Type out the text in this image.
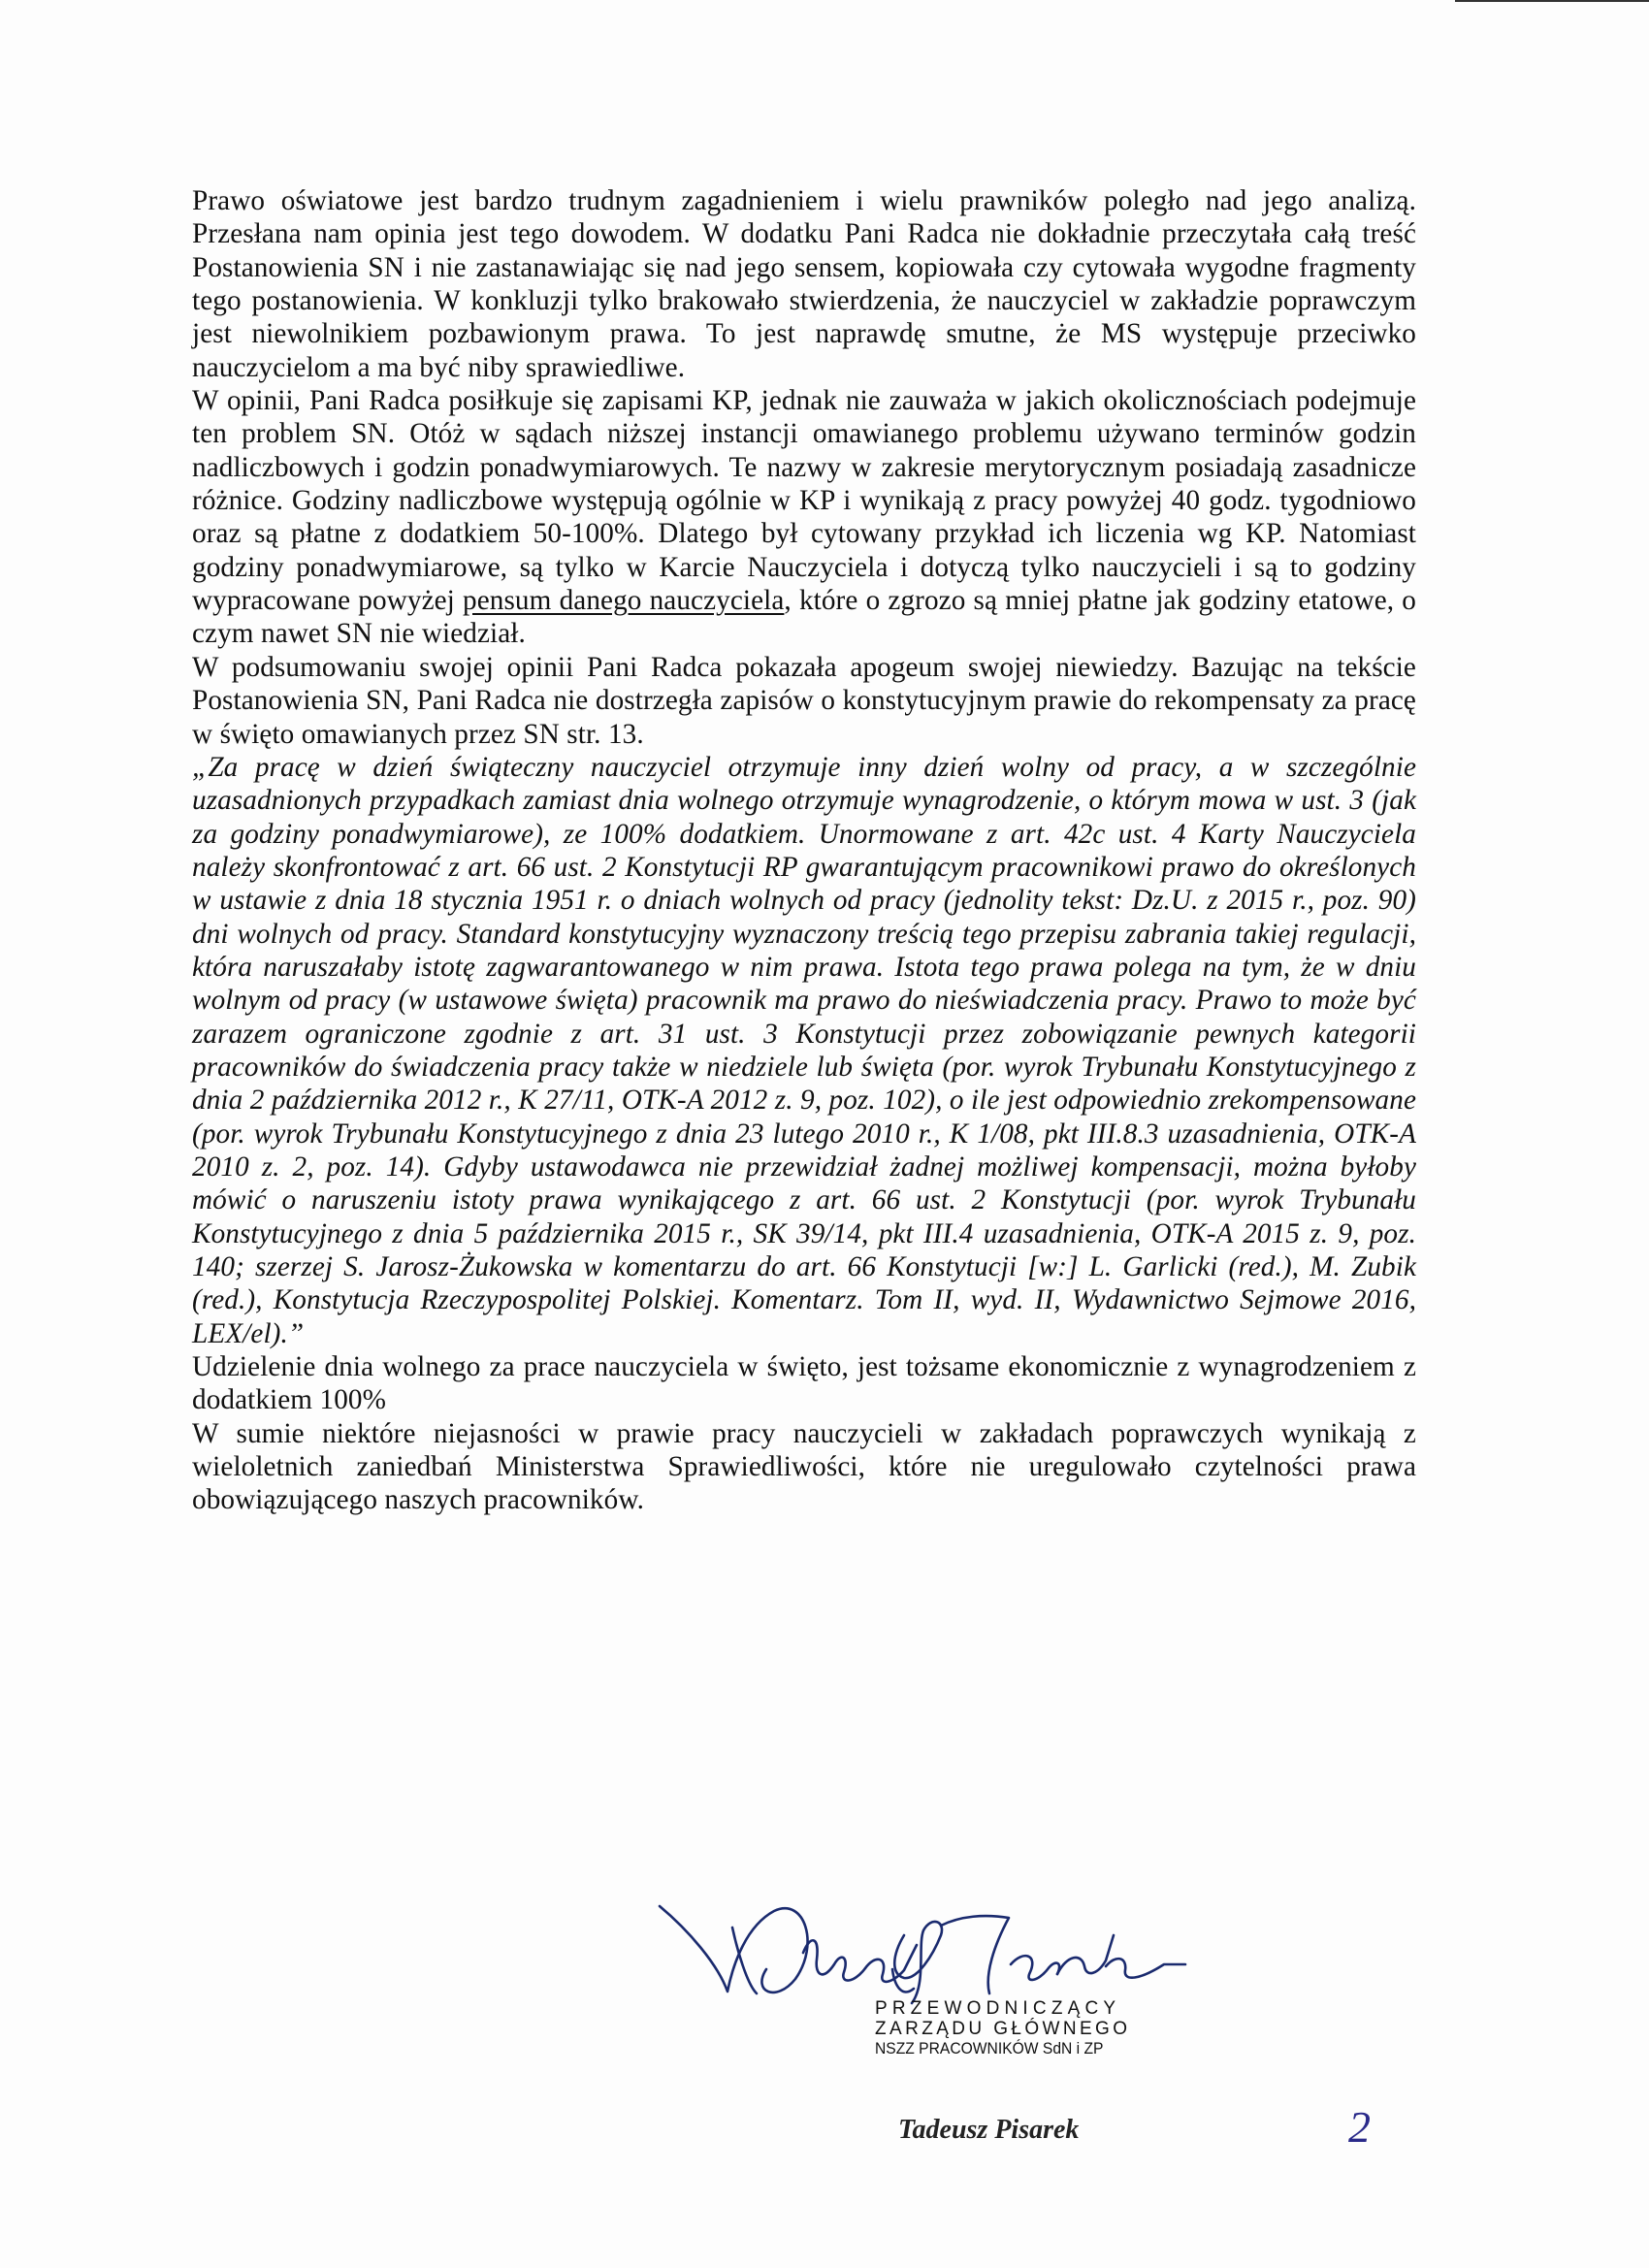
Prawo oświatowe jest bardzo trudnym zagadnieniem i wielu prawników poległo nad jego analizą. Przesłana nam opinia jest tego dowodem. W dodatku Pani Radca nie dokładnie przeczytała całą treść Postanowienia SN i nie zastanawiając się nad jego sensem, kopiowała czy cytowała wygodne fragmenty tego postanowienia. W konkluzji tylko brakowało stwierdzenia, że nauczyciel w zakładzie poprawczym jest niewolnikiem pozbawionym prawa. To jest naprawdę smutne, że MS występuje przeciwko nauczycielom a ma być niby sprawiedliwe.

W opinii, Pani Radca posiłkuje się zapisami KP, jednak nie zauważa w jakich okolicznościach podejmuje ten problem SN. Otóż w sądach niższej instancji omawianego problemu używano terminów godzin nadliczbowych i godzin ponadwymiarowych. Te nazwy w zakresie merytorycznym posiadają zasadnicze różnice. Godziny nadliczbowe występują ogólnie w KP i wynikają z pracy powyżej 40 godz. tygodniowo oraz są płatne z dodatkiem 50-100%. Dlatego był cytowany przykład ich liczenia wg KP. Natomiast godziny ponadwymiarowe, są tylko w Karcie Nauczyciela i dotyczą tylko nauczycieli i są to godziny wypracowane powyżej pensum danego nauczyciela, które o zgrozo są mniej płatne jak godziny etatowe, o czym nawet SN nie wiedział.

W podsumowaniu swojej opinii Pani Radca pokazała apogeum swojej niewiedzy. Bazując na tekście Postanowienia SN, Pani Radca nie dostrzegła zapisów o konstytucyjnym prawie do rekompensaty za pracę w święto omawianych przez SN str. 13.

„Za pracę w dzień świąteczny nauczyciel otrzymuje inny dzień wolny od pracy, a w szczególnie uzasadnionych przypadkach zamiast dnia wolnego otrzymuje wynagrodzenie, o którym mowa w ust. 3 (jak za godziny ponadwymiarowe), ze 100% dodatkiem. Unormowane z art. 42c ust. 4 Karty Nauczyciela należy skonfrontować z art. 66 ust. 2 Konstytucji RP gwarantującym pracownikowi prawo do określonych w ustawie z dnia 18 stycznia 1951 r. o dniach wolnych od pracy (jednolity tekst: Dz.U. z 2015 r., poz. 90) dni wolnych od pracy. Standard konstytucyjny wyznaczony treścią tego przepisu zabrania takiej regulacji, która naruszałaby istotę zagwarantowanego w nim prawa. Istota tego prawa polega na tym, że w dniu wolnym od pracy (w ustawowe święta) pracownik ma prawo do nieświadczenia pracy. Prawo to może być zarazem ograniczone zgodnie z art. 31 ust. 3 Konstytucji przez zobowiązanie pewnych kategorii pracowników do świadczenia pracy także w niedziele lub święta (por. wyrok Trybunału Konstytucyjnego z dnia 2 października 2012 r., K 27/11, OTK-A 2012 z. 9, poz. 102), o ile jest odpowiednio zrekompensowane (por. wyrok Trybunału Konstytucyjnego z dnia 23 lutego 2010 r., K 1/08, pkt III.8.3 uzasadnienia, OTK-A 2010 z. 2, poz. 14). Gdyby ustawodawca nie przewidział żadnej możliwej kompensacji, można byłoby mówić o naruszeniu istoty prawa wynikającego z art. 66 ust. 2 Konstytucji (por. wyrok Trybunału Konstytucyjnego z dnia 5 października 2015 r., SK 39/14, pkt III.4 uzasadnienia, OTK-A 2015 z. 9, poz. 140; szerzej S. Jarosz-Żukowska w komentarzu do art. 66 Konstytucji [w:] L. Garlicki (red.), M. Zubik (red.), Konstytucja Rzeczypospolitej Polskiej. Komentarz. Tom II, wyd. II, Wydawnictwo Sejmowe 2016, LEX/el).”

Udzielenie dnia wolnego za prace nauczyciela w święto, jest tożsame ekonomicznie z wynagrodzeniem z dodatkiem 100%

W sumie niektóre niejasności w prawie pracy nauczycieli w zakładach poprawczych wynikają z wieloletnich zaniedbań Ministerstwa Sprawiedliwości, które nie uregulowało czytelności prawa obowiązującego naszych pracowników.

PRZEWODNICZĄCY
ZARZĄDU GŁÓWNEGO
NSZZ PRACOWNIKÓW SdN i ZP
Tadeusz Pisarek	2
